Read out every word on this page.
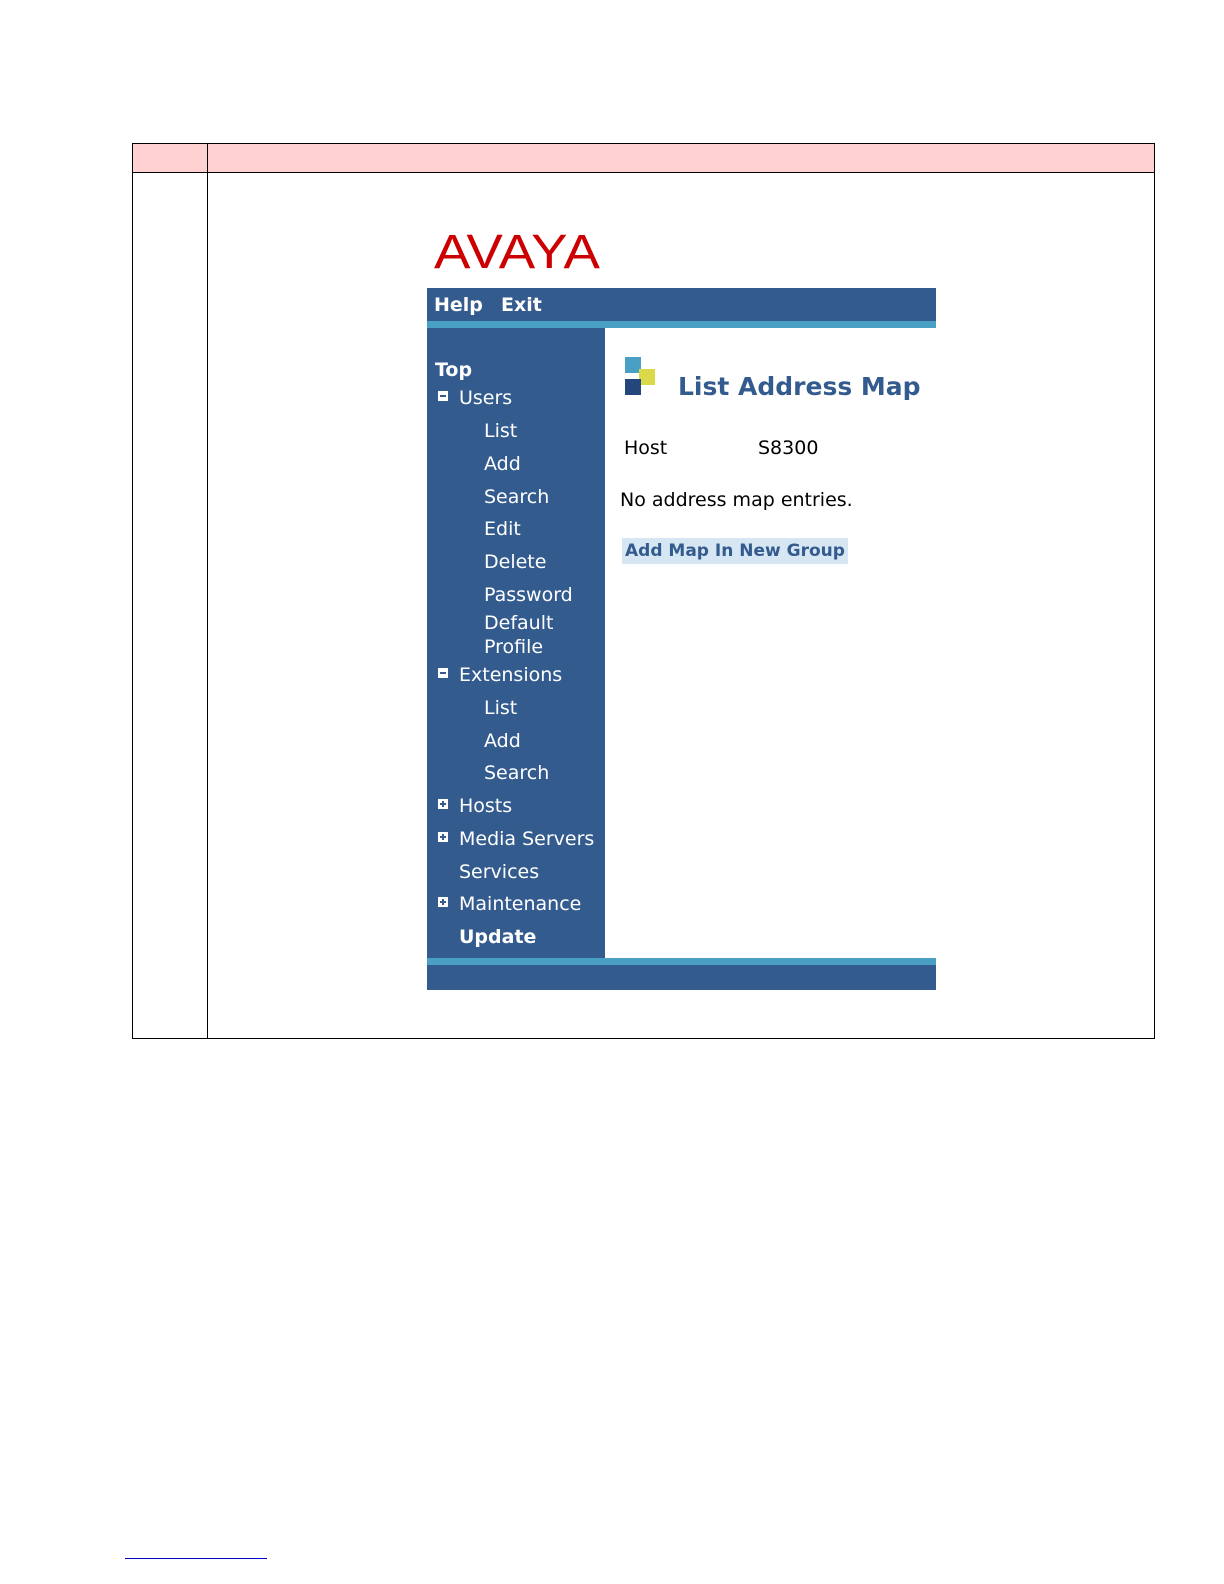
AVAYA
Help Exit
Top
Users
List
Add
Search
Edit
Delete
Password
Default
Profile
Extensions
List
Add
Search
Hosts
Media Servers
Services
Maintenance
Update
List Address Map
Host	S8300
No address map entries.
Add Map In New Group
